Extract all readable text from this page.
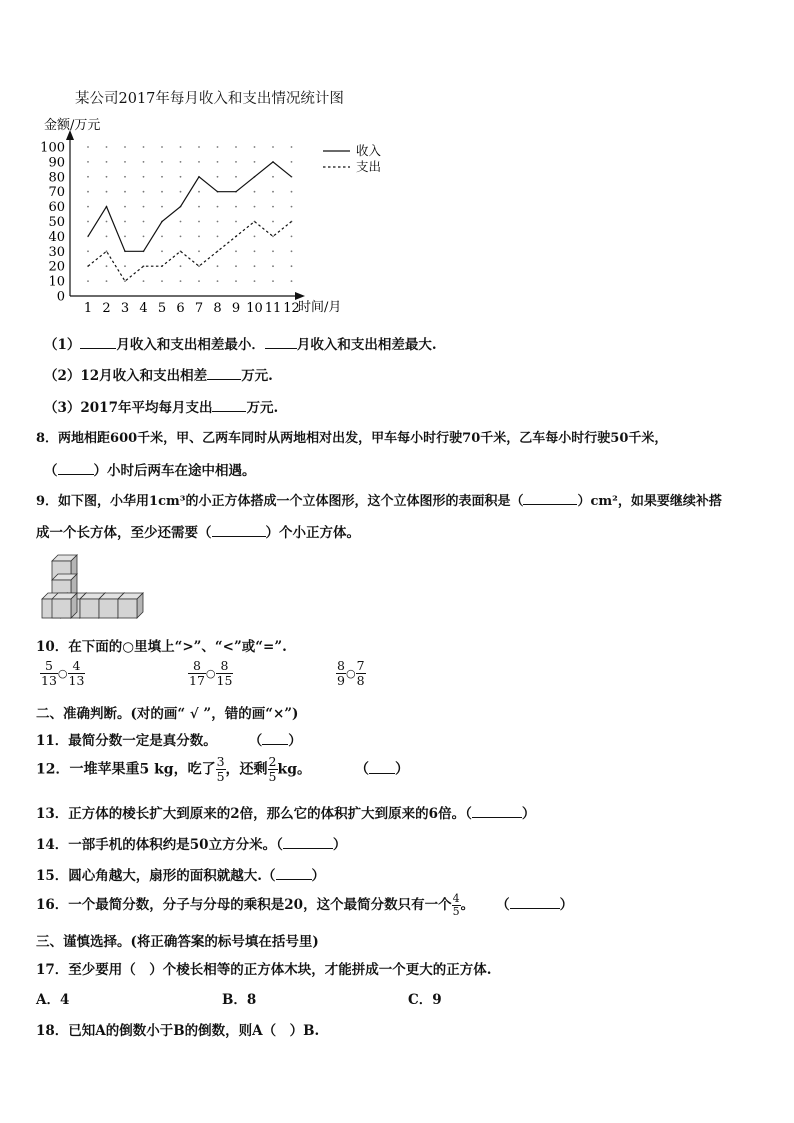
某公司2017年每月收入和支出情况统计图
金额/万元
时间/月
0
10
20
30
40
50
60
70
80
90
100
1 2 3 4 5 6 7 8 9 10 11 12
收入
支出
（1）	月收入和支出相差最小． 月收入和支出相差最大.
（2）12月收入和支出相差	万元.
（3）2017年平均每月支出	万元.
8．两地相距600千米，甲、乙两车同时从两地相对出发，甲车每小时行驶70千米，乙车每小时行驶50千米，
（	）小时后两车在途中相遇。
9．如下图，小华用1cm³的小正方体搭成一个立体图形，这个立体图形的表面积是（	）cm²，如果要继续补搭
成一个长方体，至少还需要（	）个小正方体。
10．在下面的○里填上“>”、“<”或“=”.
$\frac{5}{13}$ ○ $\frac{4}{13}$	$\frac{8}{17}$ ○ $\frac{8}{15}$	$\frac{8}{9}$ ○ $\frac{7}{8}$
二、准确判断。(对的画“ √ ”，错的画“×”)
11．最简分数一定是真分数。 （ ）
12．一堆苹果重5 kg，吃了 $\frac{3}{5}$ ，还剩 $\frac{2}{5}$ kg。	（ ）
13．正方体的棱长扩大到原来的2倍，那么它的体积扩大到原来的6倍。（	）
14．一部手机的体积约是50立方分米。（	）
15．圆心角越大，扇形的面积就越大.（	）
16．一个最简分数，分子与分母的乘积是20，这个最简分数只有一个 $\frac{4}{5}$ 。 （	）
三、谨慎选择。(将正确答案的标号填在括号里)
17．至少要用（　）个棱长相等的正方体木块，才能拼成一个更大的正方体.
A．4	B．8	C．9
18．已知A的倒数小于B的倒数，则A（　）B.
